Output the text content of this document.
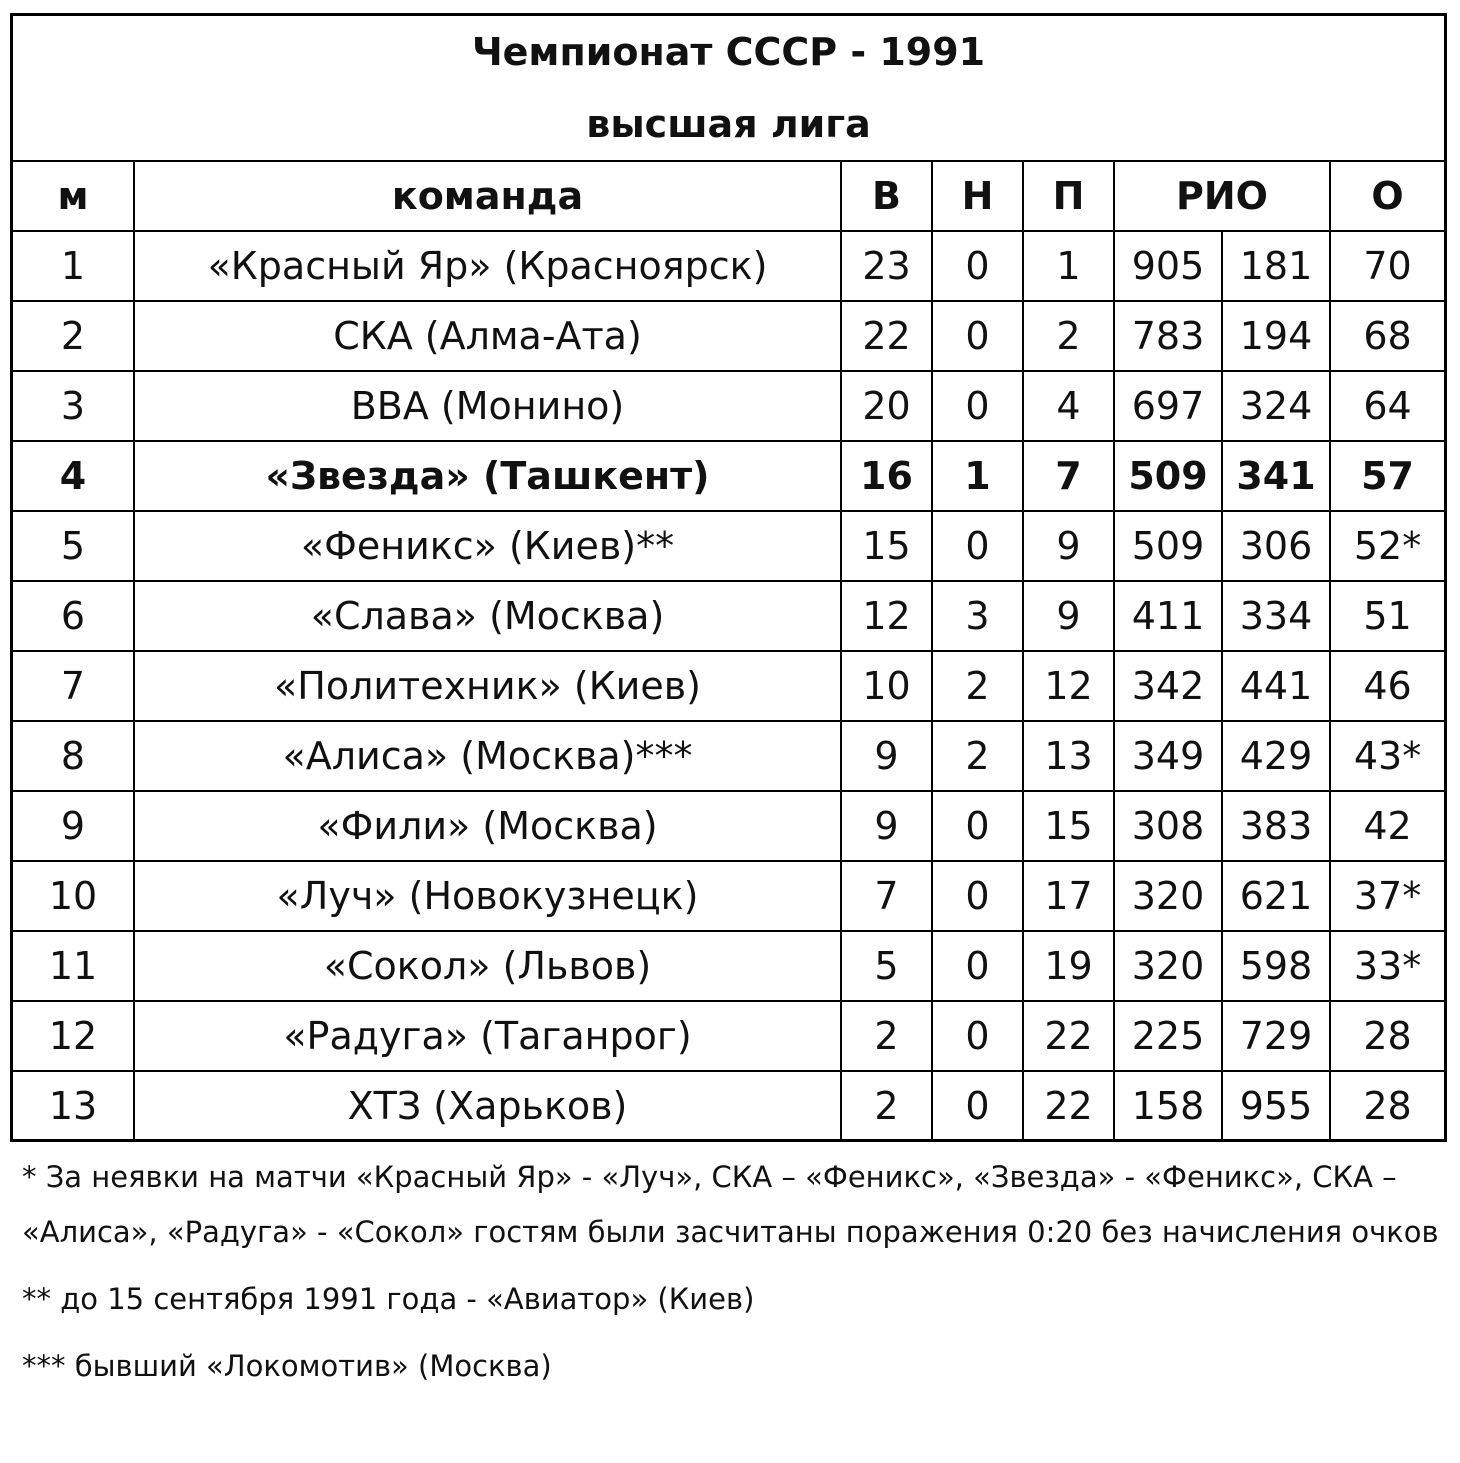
Чемпионат СССР - 1991
высшая лига							

м	команда	В	Н	П	РИО		О
1	«Красный Яр» (Красноярск)	23	0	1	905	181	70
2	СКА (Алма-Ата)	22	0	2	783	194	68
3	ВВА (Монино)	20	0	4	697	324	64
4	«Звезда» (Ташкент)	16	1	7	509	341	57
5	«Феникс» (Киев)**	15	0	9	509	306	52*
6	«Слава» (Москва)	12	3	9	411	334	51
7	«Политехник» (Киев)	10	2	12	342	441	46
8	«Алиса» (Москва)***	9	2	13	349	429	43*
9	«Фили» (Москва)	9	0	15	308	383	42
10	«Луч» (Новокузнецк)	7	0	17	320	621	37*
11	«Сокол» (Львов)	5	0	19	320	598	33*
12	«Радуга» (Таганрог)	2	0	22	225	729	28
13	ХТЗ (Харьков)	2	0	22	158	955	28

* За неявки на матчи «Красный Яр» - «Луч», СКА – «Феникс», «Звезда» - «Феникс», СКА – «Алиса», «Радуга» - «Сокол» гостям были засчитаны поражения 0:20 без начисления очков

** до 15 сентября 1991 года - «Авиатор» (Киев)

*** бывший «Локомотив» (Москва)
